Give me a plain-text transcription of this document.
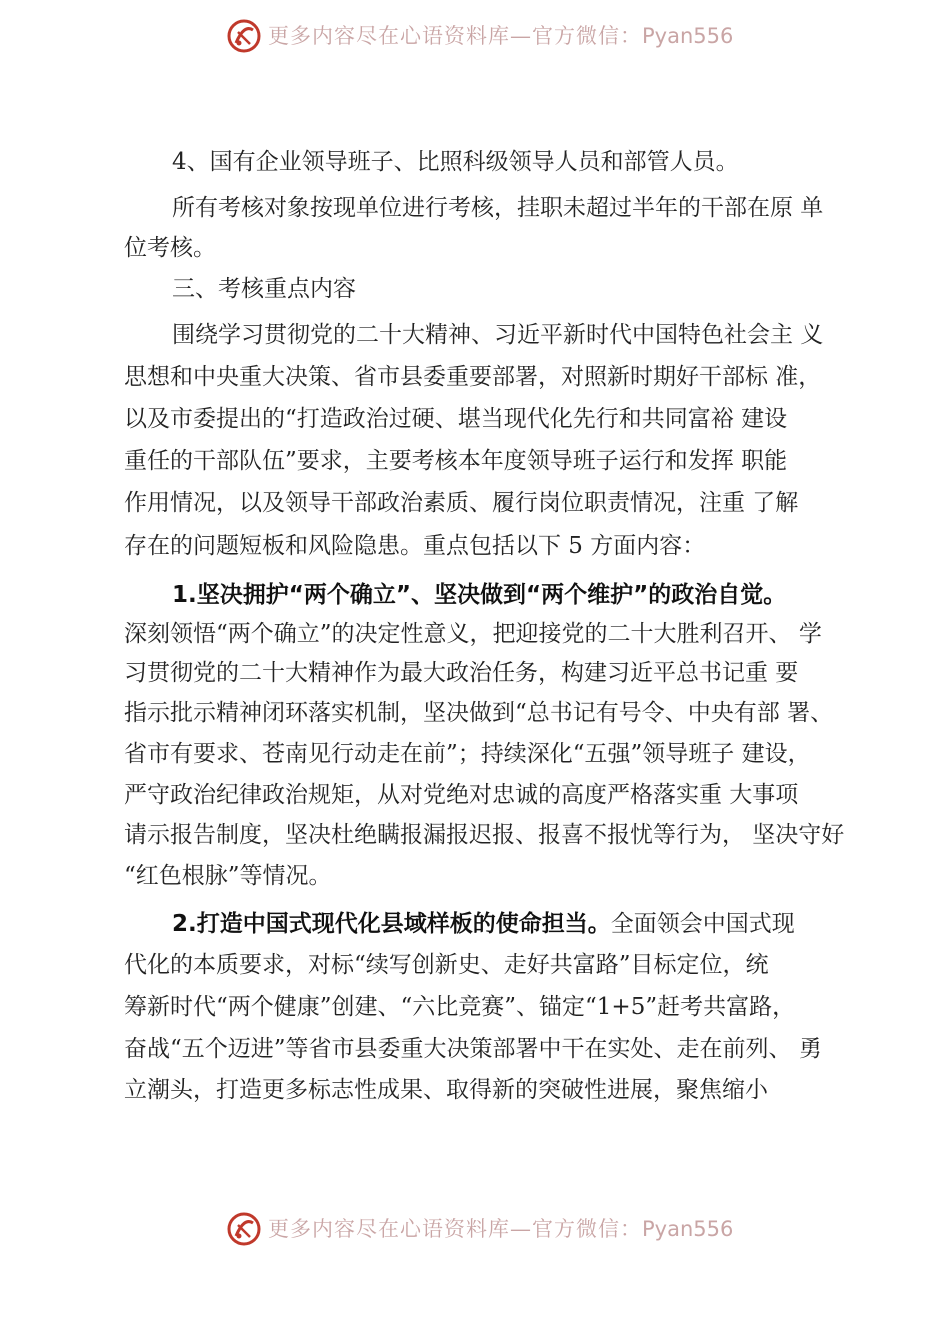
更多内容尽在心语资料库—官方微信：Pyan556
4、国有企业领导班子、比照科级领导人员和部管人员。
所有考核对象按现单位进行考核，挂职未超过半年的干部在原 单
位考核。
三、考核重点内容
围绕学习贯彻党的二十大精神、习近平新时代中国特色社会主 义
思想和中央重大决策、省市县委重要部署，对照新时期好干部标 准，
以及市委提出的“打造政治过硬、堪当现代化先行和共同富裕 建设
重任的干部队伍”要求，主要考核本年度领导班子运行和发挥 职能
作用情况，以及领导干部政治素质、履行岗位职责情况，注重 了解
存在的问题短板和风险隐患。重点包括以下 5 方面内容：
1.坚决拥护“两个确立”、坚决做到“两个维护”的政治自觉。
深刻领悟“两个确立”的决定性意义，把迎接党的二十大胜利召开、 学
习贯彻党的二十大精神作为最大政治任务，构建习近平总书记重 要
指示批示精神闭环落实机制，坚决做到“总书记有号令、中央有部 署、
省市有要求、苍南见行动走在前”；持续深化“五强”领导班子 建设，
严守政治纪律政治规矩，从对党绝对忠诚的高度严格落实重 大事项
请示报告制度，坚决杜绝瞒报漏报迟报、报喜不报忧等行为， 坚决守好
“红色根脉”等情况。
2.打造中国式现代化县域样板的使命担当。全面领会中国式现
代化的本质要求，对标“续写创新史、走好共富路”目标定位，统
筹新时代“两个健康”创建、“六比竞赛”、锚定“1+5”赶考共富路，
奋战“五个迈进”等省市县委重大决策部署中干在实处、走在前列、 勇
立潮头，打造更多标志性成果、取得新的突破性进展，聚焦缩小
更多内容尽在心语资料库—官方微信：Pyan556
